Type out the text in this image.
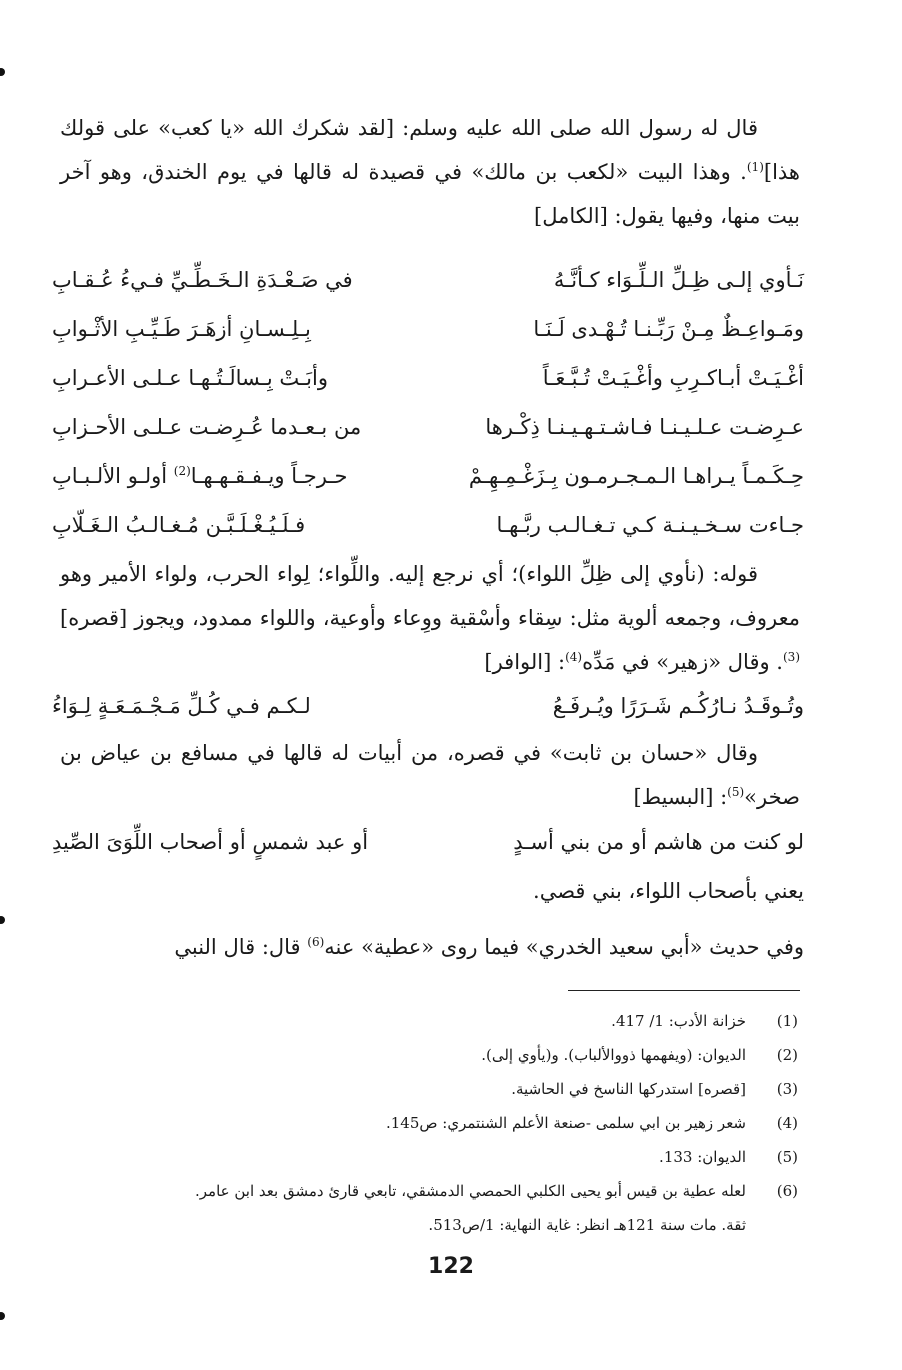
قال له رسول الله صلى الله عليه وسلم: [لقد شكرك الله «يا كعب» على قولك هذا]$^{(1)}$. وهذا البيت «لكعب بن مالك» في قصيدة له قالها في يوم الخندق، وهو آخر بيت منها، وفيها يقول: [الكامل]
نَـأوي إلـى ظِـلِّ الـلِّـوَاء كـأنَّـهُ
في صَـعْـدَةِ الـخَـطِّـيِّ فـيءُ عُـقـابِ
ومَـواعِـظٌ مِـنْ رَبِّـنـا تُـهْـدى لَـنَـا
بِـلِـسـانِ أزهَـرَ طَـيِّـبِ الأثْـوابِ
أغْـيَـتْ أبـاكـرِبِ وأغْـيَـتْ تُـبَّـعَـاً
وأبَـتْ بِـسالَـتُـهـا عـلـى الأعـرابِ
عـرِضـت عـلـيـنـا فـاشـتـهـيـنـا ذِكْـرها
من بـعـدما عُـرِضـت عـلـى الأحـزابِ
حِـكَـمـاً يـراهـا الـمـجـرمـون بِـزَغْـمِـهِـمْ
حـرجـاً ويـفـقـهـهـا$^{(2)}$ أولـو الألـبـابِ
جـاءت سـخـيـنـة كـي تـغـالـب ربَّـهـا
فـلَـيُـغْـلَـبَّـن مُـغـالـبُ الـغَـلّابِ
قوله: (نأوي إلى ظِلِّ اللواء)؛ أي نرجع إليه. واللِّواء؛ لِواء الحرب، ولواء الأمير وهو معروف، وجمعه ألوية مثل: سِقاء وأسْقية ووِعاء وأوعية، واللواء ممدود، ويجوز [قصره]$^{(3)}$. وقال «زهير» في مَدِّه$^{(4)}$: [الوافر]
وتُـوقَـدُ نـارُكُـم شَـرَرًا ويُـرفَـعُ
لـكـم فـي كُـلِّ مَـجْـمَـعَـةٍ لِـوَاءُ
وقال «حسان بن ثابت» في قصره، من أبيات له قالها في مسافع بن عياض بن صخر»$^{(5)}$: [البسيط]
لو كنت من هاشم أو من بني أسـدٍ
أو عبد شمسٍ أو أصحاب اللِّوَىَ الصِّيدِ
يعني بأصحاب اللواء، بني قصي.
وفي حديث «أبي سعيد الخدري» فيما روى «عطية» عنه$^{(6)}$ قال: قال النبي
(1)
خزانة الأدب: 1/ 417.
(2)
الديوان: (ويفهمها ذووالألباب). و(يأوي إلى).
(3)
[قصره] استدركها الناسخ في الحاشية.
(4)
شعر زهير بن ابي سلمى -صنعة الأعلم الشنتمري: ص145.
(5)
الديوان: 133.
(6)
لعله عطية بن قيس أبو يحيى الكلبي الحمصي الدمشقي، تابعي قارئ دمشق بعد ابن عامر.
ثقة. مات سنة 121هـ انظر: غاية النهاية: 1/ص513.
122
